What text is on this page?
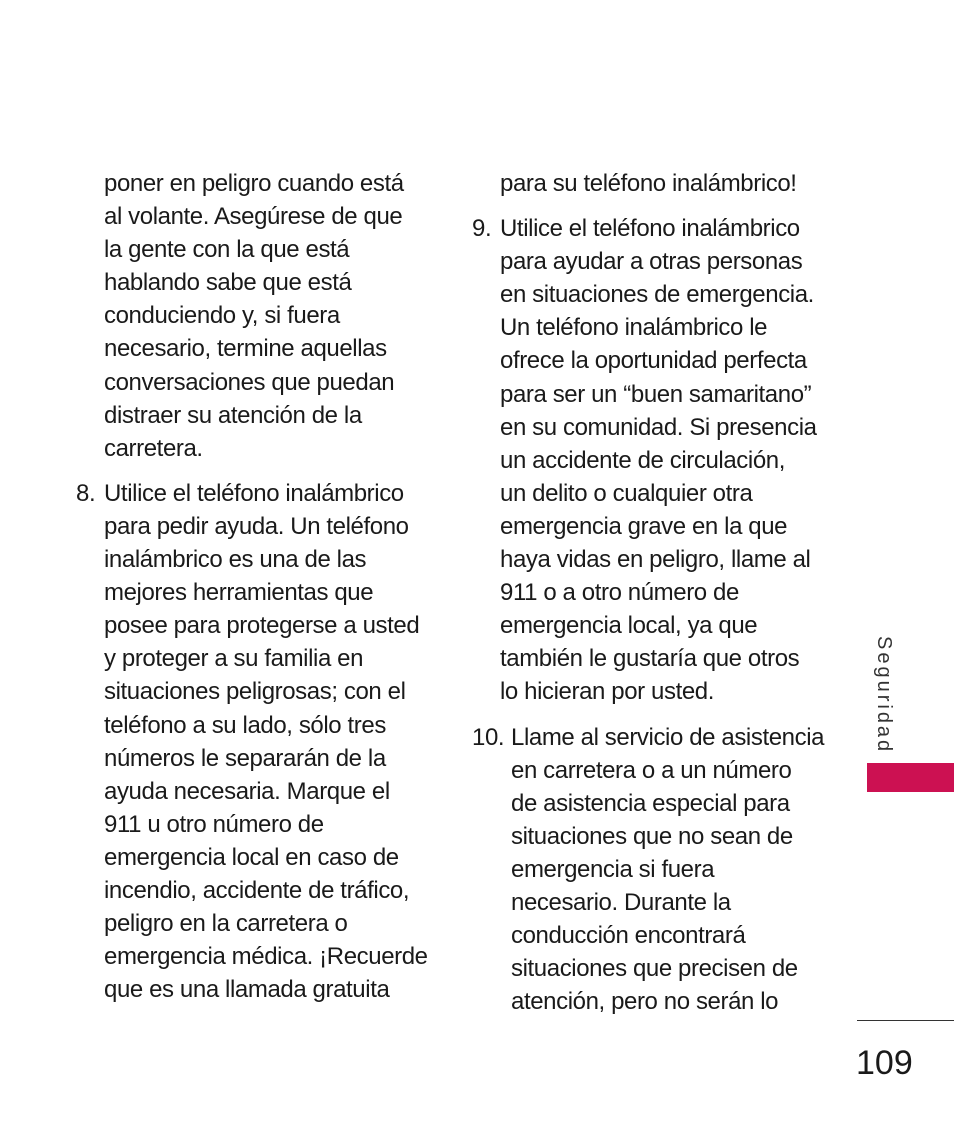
poner en peligro cuando está
al volante. Asegúrese de que
la gente con la que está
hablando sabe que está
conduciendo y, si fuera
necesario, termine aquellas
conversaciones que puedan
distraer su atención de la
carretera.
8. Utilice el teléfono inalámbrico
para pedir ayuda. Un teléfono
inalámbrico es una de las
mejores herramientas que
posee para protegerse a usted
y proteger a su familia en
situaciones peligrosas; con el
teléfono a su lado, sólo tres
números le separarán de la
ayuda necesaria. Marque el
911 u otro número de
emergencia local en caso de
incendio, accidente de tráfico,
peligro en la carretera o
emergencia médica. ¡Recuerde
que es una llamada gratuita
para su teléfono inalámbrico!
9. Utilice el teléfono inalámbrico
para ayudar a otras personas
en situaciones de emergencia.
Un teléfono inalámbrico le
ofrece la oportunidad perfecta
para ser un “buen samaritano”
en su comunidad. Si presencia
un accidente de circulación,
un delito o cualquier otra
emergencia grave en la que
haya vidas en peligro, llame al
911 o a otro número de
emergencia local, ya que
también le gustaría que otros
lo hicieran por usted.
10. Llame al servicio de asistencia
en carretera o a un número
de asistencia especial para
situaciones que no sean de
emergencia si fuera
necesario. Durante la
conducción encontrará
situaciones que precisen de
atención, pero no serán lo
Seguridad
109
